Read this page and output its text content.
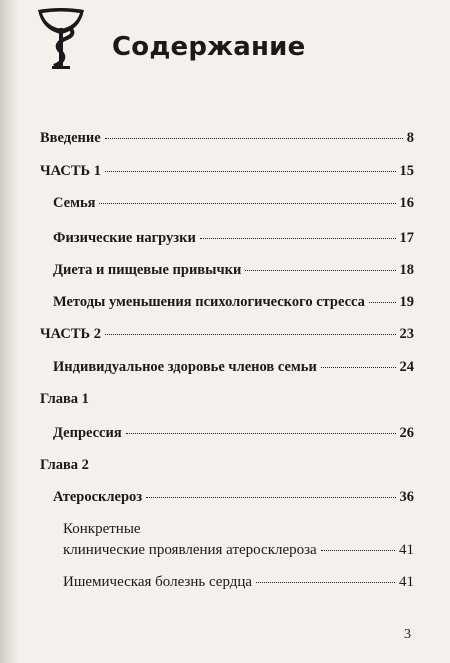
Содержание
Введение	8
ЧАСТЬ 1	15
Семья	16
Физические нагрузки	17
Диета и пищевые привычки	18
Методы уменьшения психологического стресса 19
ЧАСТЬ 2	23
Индивидуальное здоровье членов семьи	24
Глава 1
Депрессия	26
Глава 2
Атеросклероз	36
Конкретные
клинические проявления атеросклероза	41
Ишемическая болезнь сердца	41
3
